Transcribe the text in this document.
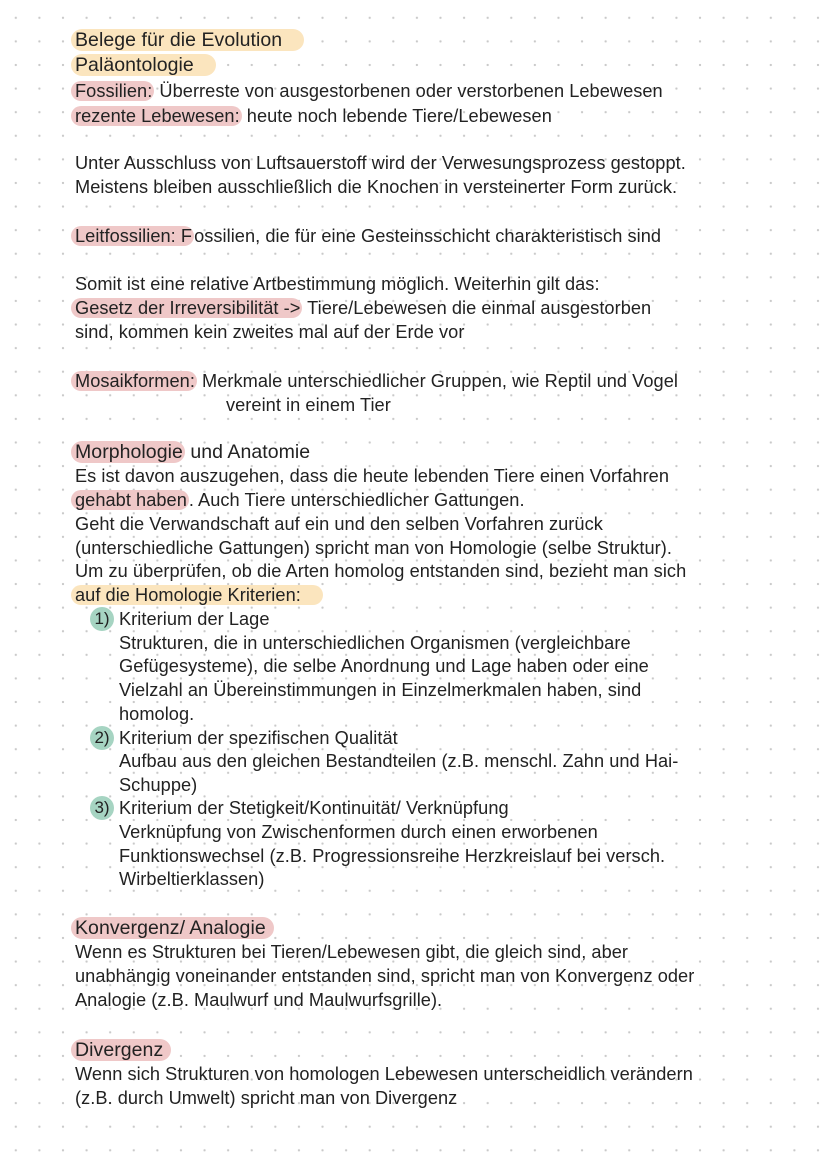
Belege für die Evolution
Paläontologie
Fossilien: Überreste von ausgestorbenen oder verstorbenen Lebewesen
rezente Lebewesen: heute noch lebende Tiere/Lebewesen
Unter Ausschluss von Luftsauerstoff wird der Verwesungsprozess gestoppt.
Meistens bleiben ausschließlich die Knochen in versteinerter Form zurück.
Leitfossilien: F ossilien, die für eine Gesteinsschicht charakteristisch sind
Somit ist eine relative Artbestimmung möglich. Weiterhin gilt das:
Gesetz der Irreversibilität -> Tiere/Lebewesen die einmal ausgestorben
sind, kommen kein zweites mal auf der Erde vor
Mosaikformen: Merkmale unterschiedlicher Gruppen, wie Reptil und Vogel
vereint in einem Tier
Morphologie und Anatomie
Es ist davon auszugehen, dass die heute lebenden Tiere einen Vorfahren
gehabt haben . Auch Tiere unterschiedlicher Gattungen.
Geht die Verwandschaft auf ein und den selben Vorfahren zurück
(unterschiedliche Gattungen) spricht man von Homologie (selbe Struktur).
Um zu überprüfen, ob die Arten homolog entstanden sind, bezieht man sich
auf die Homologie Kriterien:
1) Kriterium der Lage
Strukturen, die in unterschiedlichen Organismen (vergleichbare
Gefügesysteme), die selbe Anordnung und Lage haben oder eine
Vielzahl an Übereinstimmungen in Einzelmerkmalen haben, sind
homolog.
2) Kriterium der spezifischen Qualität
Aufbau aus den gleichen Bestandteilen (z.B. menschl. Zahn und Hai-
Schuppe)
3) Kriterium der Stetigkeit/Kontinuität/ Verknüpfung
Verknüpfung von Zwischenformen durch einen erworbenen
Funktionswechsel (z.B. Progressionsreihe Herzkreislauf bei versch.
Wirbeltierklassen)
Konvergenz/ Analogie
Wenn es Strukturen bei Tieren/Lebewesen gibt, die gleich sind, aber
unabhängig voneinander entstanden sind, spricht man von Konvergenz oder
Analogie (z.B. Maulwurf und Maulwurfsgrille).
Divergenz
Wenn sich Strukturen von homologen Lebewesen unterscheidlich verändern
(z.B. durch Umwelt) spricht man von Divergenz
